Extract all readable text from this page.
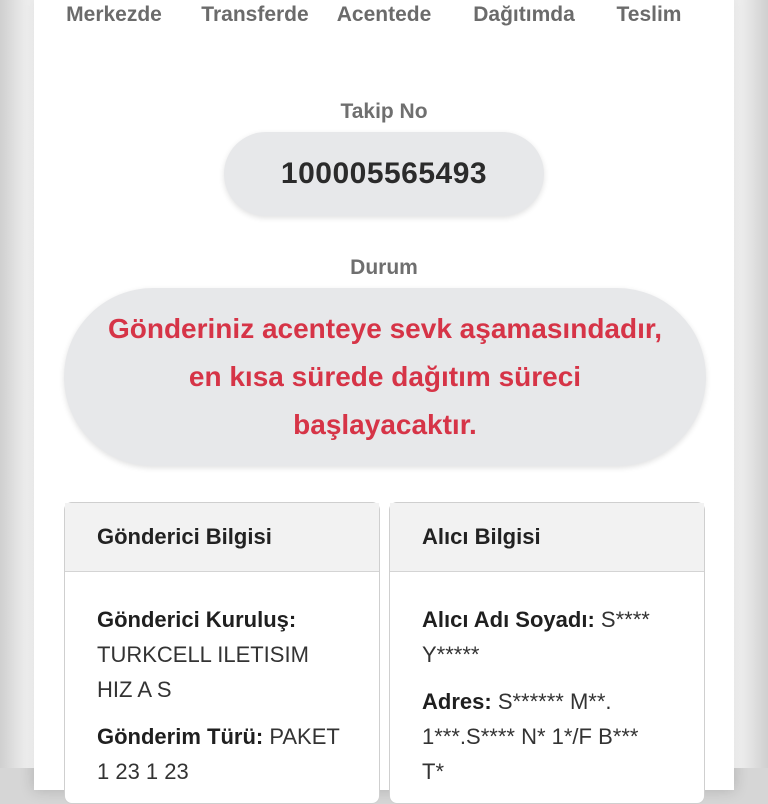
Merkezde Transferde Acentede Dağıtımda Teslim
Takip No
100005565493
Durum
Gönderiniz acenteye sevk aşamasındadır,
en kısa sürede dağıtım süreci
başlayacaktır.
Gönderici Bilgisi
Gönderici Kuruluş:
TURKCELL ILETISIM
HIZ A S
Gönderim Türü: PAKET
1 23 1 23
Alıcı Bilgisi
Alıcı Adı Soyadı: S****
Y*****
Adres: S****** M**.
1***.S**** N* 1*/F B***
T*
